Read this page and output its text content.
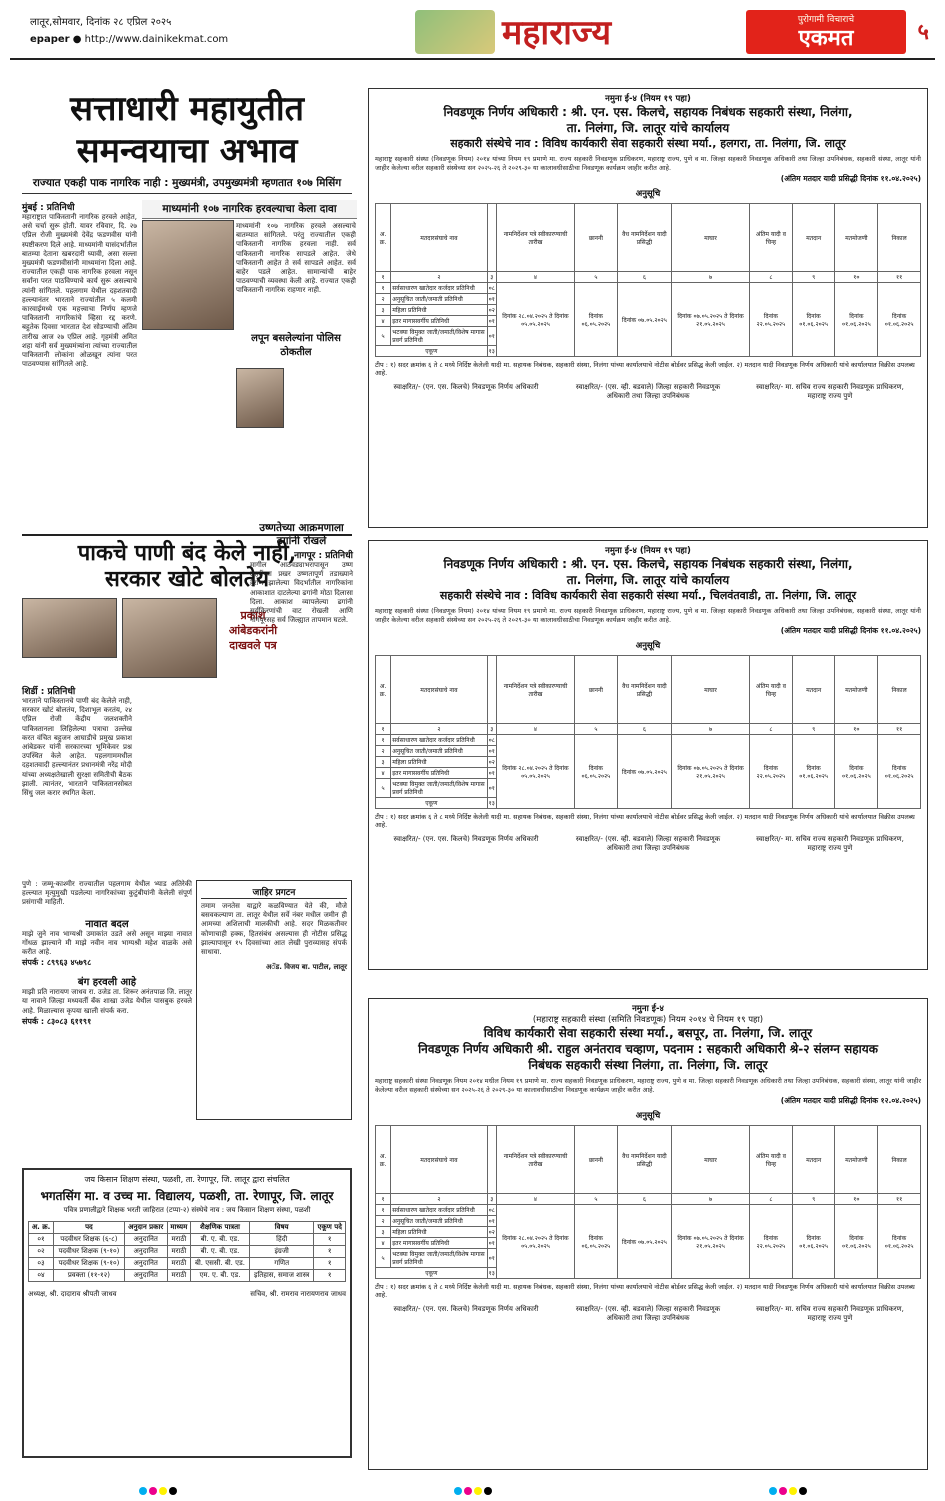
लातूर,सोमवार, दिनांक २८ एप्रिल २०२५
epaper ● http://www.dainikekmat.com	महाराज्य	पुरोगामी विचाराचे
एकमत	५
सत्ताधारी महायुतीत
समन्वयाचा अभाव
राज्यात एकही पाक नागरिक नाही : मुख्यमंत्री, उपमुख्यमंत्री म्हणतात १०७ मिसिंग
मुंबई : प्रतिनिधी

महाराष्ट्रात पाकिस्तानी नागरिक हरवले आहेत, असे चर्चा सुरू होती. यावर रविवार, दि. २७ एप्रिल रोजी मुख्यमंत्री देवेंद्र फडणवीस यांनी स्पष्टीकरण दिले आहे. माध्यमांनी यासंदर्भातील बातम्या देताना खबरदारी घ्यावी, असा सल्ला मुख्यमंत्री फडणवीसांनी माध्यमांना दिला आहे. राज्यातील एकही पाक नागरिक हरवला नसून सर्वांना परत पाठविण्याचे कार्य सुरू असल्याचे त्यांनी सांगितले. पहलगाम येथील दहशतवादी हल्ल्यानंतर भारताने राज्यांतील ५ कलमी कारवाईमध्ये एक महत्त्वाचा निर्णय म्हणजे पाकिस्तानी नागरिकांचे व्हिसा रद्द करणे. बहुतेक दिवसा भारतात देश सोडण्याची अंतिम तारीख आज २७ एप्रिल आहे. गृहमंत्री अमित शहा यांनी सर्व मुख्यमंत्र्यांना त्यांच्या राज्यातील पाकिस्तानी लोकांना ओळखून त्यांना परत पाठवण्यास सांगितले आहे.

माध्यमांनी १०७ नागरिक हरवल्याचा केला दावा

माध्यमांनी १०७ नागरिक हरवले असल्याचे बातम्यात सांगितले. परंतु राज्यातील एकही पाकिस्तानी नागरिक हरवला नाही. सर्व पाकिस्तानी नागरिक सापडले आहेत. जेथे पाकिस्तानी आहेत ते सर्व सापडले आहेत. सर्व बाहेर पडले आहेत. सामान्यांची बाहेर पाठवण्याची व्यवस्था केली आहे. राज्यात एकही पाकिस्तानी नागरिक राहणार नाही.

लपून बसलेल्यांना पोलिस ठोकतील
पाकचे पाणी बंद केले नाही,
सरकार खोटे बोलतेय
प्रकाश आंबेडकरांनी दाखवले पत्र
शिर्डी : प्रतिनिधी

भारताने पाकिस्तानचे पाणी बंद केलेले नाही, सरकार खोटं बोलतंय, दिशाभूल करतंय, २४ एप्रिल रोजी केंद्रीय जलशक्तीने पाकिस्तानला लिहिलेल्या पत्राचा उल्लेख करत वंचित बहुजन आघाडीचे प्रमुख प्रकाश आंबेडकर यांनी सरकारच्या भूमिकेवर प्रश्न उपस्थित केले आहेत. पहलगाममधील दहशतवादी हल्ल्यानंतर प्रधानमंत्री नरेंद्र मोदी यांच्या अध्यक्षतेखाली सुरक्षा समितीची बैठक झाली. त्यानंतर, भारताने पाकिस्तानसोबत सिंधु जल करार स्थगित केला.

उष्णतेच्या आक्रमणाला ढगांनी रोखले
नागपूर : प्रतिनिधी

मागील आठवड्याभरापासून उष्ण लहरींच्या प्रखर उष्णतापूर्ण तडाख्याने हैराण झालेल्या विदर्भातील नागरिकांना आकाशात दाटलेल्या ढगांनी मोठा दिलासा दिला. आकाश व्यापलेल्या ढगांनी सूर्यकिरणांची वाट रोखली आणि नागपूरसह सर्व जिल्ह्यात तापमान घटले.

पुणे : जम्मू-काश्मीर राज्यातील पहलगाम येथील भ्याड अतिरेकी हल्ल्यात मृत्युमुखी पडलेल्या नागरिकांच्या कुटुंबीयांनी केलेली संपूर्ण प्रसंगाची माहिती.

नावात बदल

माझे जुने नाव भाग्यश्री उमाकांत उडते असे असून माझ्या नावात गोंधळ झाल्याने मी माझे नवीन नाव भाग्यश्री महेश वाळके असे करीत आहे.

संपर्क : ८९९६३ ४५७९८
बंग हरवली आहे

माझी प्रति नारायण जाधव रा. उजेड ता. शिरूर अनंतपाळ जि. लातूर या नावाने जिल्हा मध्यवर्ती बँक शाखा उजेड येथील पासबुक हरवले आहे. मिळाल्यास कृपया खाली संपर्क करा.

संपर्क : ८३०८३ ६११९१
जाहिर प्रगटन

तमाम जनतेस याद्वारे कळविण्यात येते की, मौजे बसवकल्याण ता. लातूर येथील सर्वे नंबर मधील जमीन ही आमच्या अशिलाची मालकीची आहे. सदर मिळकतीवर कोणाचाही हक्क, हितसंबंध असल्यास ही नोटीस प्रसिद्ध झाल्यापासून १५ दिवसांच्या आत लेखी पुराव्यासह संपर्क साधावा.

अॅड. विजय बा. पाटील, लातूर

जय किसान शिक्षण संस्था, पळशी, ता. रेणापूर, जि. लातूर द्वारा संचलित
भगतसिंग मा. व उच्च मा. विद्यालय, पळशी, ता. रेणापूर, जि. लातूर
पवित्र प्रणालीद्वारे शिक्षक भरती जाहिरात (टप्पा-२) संस्थेचे नाव : जय किसान शिक्षण संस्था, पळशी
अ. क्र.	पद	अनुदान प्रकार	माध्यम	शैक्षणिक पात्रता	विषय	एकूण पदे
०१	पदवीधर शिक्षक (६-८)	अनुदानित	मराठी	बी. ए. बी. एड.	हिंदी	१
०२	पदवीधर शिक्षक (९-१०)	अनुदानित	मराठी	बी. ए. बी. एड.	इंग्रजी	१
०३	पदवीधर शिक्षक (९-१०)	अनुदानित	मराठी	बी. एससी. बी. एड.	गणित	१
०४	प्रवक्ता (११-१२)	अनुदानित	मराठी	एम. ए. बी. एड.	इतिहास, समाज शास्त्र	१
अध्यक्ष, श्री. दादाराव श्रीपती जाधव	सचिव, श्री. रामराव नारायणराव जाधव
नमुना ई-४ (नियम १९ पहा)
निवडणूक निर्णय अधिकारी : श्री. एन. एस. किलचे, सहायक निबंधक सहकारी संस्था, निलंगा,
ता. निलंगा, जि. लातूर यांचे कार्यालय
सहकारी संस्थेचे नाव : विविध कार्यकारी सेवा सहकारी संस्था मर्या., हलगरा, ता. निलंगा, जि. लातूर

महाराष्ट्र सहकारी संस्था (निवडणूक नियम) २०१४ यांच्या नियम १९ प्रमाणे मा. राज्य सहकारी निवडणूक प्राधिकरण, महाराष्ट्र राज्य, पुणे व मा. जिल्हा सहकारी निवडणूक अधिकारी तथा जिल्हा उपनिबंधक, सहकारी संस्था, लातूर यांनी जाहीर केलेल्या वरील सहकारी संस्थेच्या सन २०२५-२६ ते २०२९-३० या कालावधीसाठीचा निवडणूक कार्यक्रम जाहीर करीत आहे.

(अंतिम मतदार यादी प्रसिद्धी दिनांक ११.०४.२०२५)
अनुसूचि
अ. क्र.	मतदारसंघाचे नाव		नामनिर्देशन पत्रे स्वीकारण्याची तारीख	छाननी	वैध नामनिर्देशन यादी प्रसिद्धी	माघार	अंतिम यादी व चिन्ह	मतदान	मतमोजणी	निकाल
१	२	३	४	५	६	७	८	९	१०	११
१	सर्वसाधारण खातेदार कर्जदार प्रतिनिधी	०८	दिनांक २८.०४.२०२५ ते दिनांक ०५.०५.२०२५	दिनांक ०६.०५.२०२५	दिनांक ०७.०५.२०२५	दिनांक ०७.०५.२०२५ ते दिनांक २१.०५.२०२५	दिनांक २२.०५.२०२५	दिनांक ०१.०६.२०२५	दिनांक ०१.०६.२०२५	दिनांक ०१.०६.२०२५
२	अनुसूचित जाती/जमाती प्रतिनिधी	०१								
३	महिला प्रतिनिधी	०२								
४	इतर मागासवर्गीय प्रतिनिधी	०१								
५	भटक्या विमुक्त जाती/जमाती/विशेष मागास प्रवर्ग प्रतिनिधी	०१								
एकूण		१३								

टीप : १) सदर क्रमांक ६ ते ८ मध्ये निर्दिष्ट केलेली यादी मा. सहायक निबंधक, सहकारी संस्था, निलंगा यांच्या कार्यालयाचे नोटीस बोर्डवर प्रसिद्ध केली जाईल. २) मतदान यादी निवडणूक निर्णय अधिकारी यांचे कार्यालयात विक्रीस उपलब्ध आहे.

स्वाक्षरित/- (एन. एस. किलचे) निवडणूक निर्णय अधिकारी	स्वाक्षरित/- (एस. व्ही. बडवाले) जिल्हा सहकारी निवडणूक अधिकारी तथा जिल्हा उपनिबंधक
स्वाक्षरित/- मा. सचिव राज्य सहकारी निवडणूक प्राधिकरण, महाराष्ट्र राज्य पुणे
नमुना ई-४ (नियम १९ पहा)
निवडणूक निर्णय अधिकारी : श्री. एन. एस. किलचे, सहायक निबंधक सहकारी संस्था, निलंगा,
ता. निलंगा, जि. लातूर यांचे कार्यालय
सहकारी संस्थेचे नाव : विविध कार्यकारी सेवा सहकारी संस्था मर्या., चिलवंतवाडी, ता. निलंगा, जि. लातूर

महाराष्ट्र सहकारी संस्था (निवडणूक नियम) २०१४ यांच्या नियम १९ प्रमाणे मा. राज्य सहकारी निवडणूक प्राधिकरण, महाराष्ट्र राज्य, पुणे व मा. जिल्हा सहकारी निवडणूक अधिकारी तथा जिल्हा उपनिबंधक, सहकारी संस्था, लातूर यांनी जाहीर केलेल्या वरील सहकारी संस्थेच्या सन २०२५-२६ ते २०२९-३० या कालावधीसाठीचा निवडणूक कार्यक्रम जाहीर करीत आहे.

(अंतिम मतदार यादी प्रसिद्धी दिनांक ११.०४.२०२५)
अनुसूचि
अ. क्र.	मतदारसंघाचे नाव		नामनिर्देशन पत्रे स्वीकारण्याची तारीख	छाननी	वैध नामनिर्देशन यादी प्रसिद्धी	माघार	अंतिम यादी व चिन्ह	मतदान	मतमोजणी	निकाल
१	२	३	४	५	६	७	८	९	१०	११
१	सर्वसाधारण खातेदार कर्जदार प्रतिनिधी	०८	दिनांक २८.०४.२०२५ ते दिनांक ०५.०५.२०२५	दिनांक ०६.०५.२०२५	दिनांक ०७.०५.२०२५	दिनांक ०७.०५.२०२५ ते दिनांक २१.०५.२०२५	दिनांक २२.०५.२०२५	दिनांक ०१.०६.२०२५	दिनांक ०१.०६.२०२५	दिनांक ०१.०६.२०२५
२	अनुसूचित जाती/जमाती प्रतिनिधी	०१								
३	महिला प्रतिनिधी	०२								
४	इतर मागासवर्गीय प्रतिनिधी	०१								
५	भटक्या विमुक्त जाती/जमाती/विशेष मागास प्रवर्ग प्रतिनिधी	०१								
एकूण		१३								

टीप : १) सदर क्रमांक ६ ते ८ मध्ये निर्दिष्ट केलेली यादी मा. सहायक निबंधक, सहकारी संस्था, निलंगा यांच्या कार्यालयाचे नोटीस बोर्डवर प्रसिद्ध केली जाईल. २) मतदान यादी निवडणूक निर्णय अधिकारी यांचे कार्यालयात विक्रीस उपलब्ध आहे.

स्वाक्षरित/- (एन. एस. किलचे) निवडणूक निर्णय अधिकारी	स्वाक्षरित/- (एस. व्ही. बडवाले) जिल्हा सहकारी निवडणूक अधिकारी तथा जिल्हा उपनिबंधक
स्वाक्षरित/- मा. सचिव राज्य सहकारी निवडणूक प्राधिकरण, महाराष्ट्र राज्य पुणे
नमुना ई-४
(महाराष्ट्र सहकारी संस्था (समिति निवडणूक) नियम २०१४ चे नियम १९ पहा)
विविध कार्यकारी सेवा सहकारी संस्था मर्या., बसपूर, ता. निलंगा, जि. लातूर
निवडणूक निर्णय अधिकारी श्री. राहुल अनंतराव चव्हाण, पदनाम : सहकारी अधिकारी श्रे-२ संलग्न सहायक
निबंधक सहकारी संस्था निलंगा, ता. निलंगा, जि. लातूर

महाराष्ट्र सहकारी संस्था निवडणूक नियम २०१४ मधील नियम १९ प्रमाणे मा. राज्य सहकारी निवडणूक प्राधिकरण, महाराष्ट्र राज्य, पुणे व मा. जिल्हा सहकारी निवडणूक अधिकारी तथा जिल्हा उपनिबंधक, सहकारी संस्था, लातूर यांनी जाहीर केलेल्या वरील सहकारी संस्थेच्या सन २०२५-२६ ते २०२९-३० या कालावधीसाठीचा निवडणूक कार्यक्रम जाहीर करीत आहे.

(अंतिम मतदार यादी प्रसिद्धी दिनांक १२.०४.२०२५)
अनुसूचि
अ. क्र.	मतदारसंघाचे नाव		नामनिर्देशन पत्रे स्वीकारण्याची तारीख	छाननी	वैध नामनिर्देशन यादी प्रसिद्धी	माघार	अंतिम यादी व चिन्ह	मतदान	मतमोजणी	निकाल
१	२	३	४	५	६	७	८	९	१०	११
१	सर्वसाधारण खातेदार कर्जदार प्रतिनिधी	०८	दिनांक २८.०४.२०२५ ते दिनांक ०५.०५.२०२५	दिनांक ०६.०५.२०२५	दिनांक ०७.०५.२०२५	दिनांक ०७.०५.२०२५ ते दिनांक २१.०५.२०२५	दिनांक २२.०५.२०२५	दिनांक ०१.०६.२०२५	दिनांक ०१.०६.२०२५	दिनांक ०१.०६.२०२५
२	अनुसूचित जाती/जमाती प्रतिनिधी	०१								
३	महिला प्रतिनिधी	०२								
४	इतर मागासवर्गीय प्रतिनिधी	०१								
५	भटक्या विमुक्त जाती/जमाती/विशेष मागास प्रवर्ग प्रतिनिधी	०१								
एकूण		१३								

टीप : १) सदर क्रमांक ६ ते ८ मध्ये निर्दिष्ट केलेली यादी मा. सहायक निबंधक, सहकारी संस्था, निलंगा यांच्या कार्यालयाचे नोटीस बोर्डवर प्रसिद्ध केली जाईल. २) मतदान यादी निवडणूक निर्णय अधिकारी यांचे कार्यालयात विक्रीस उपलब्ध आहे.

स्वाक्षरित/- (एन. एस. किलचे) निवडणूक निर्णय अधिकारी	स्वाक्षरित/- (एस. व्ही. बडवाले) जिल्हा सहकारी निवडणूक अधिकारी तथा जिल्हा उपनिबंधक
स्वाक्षरित/- मा. सचिव राज्य सहकारी निवडणूक प्राधिकरण, महाराष्ट्र राज्य पुणे
